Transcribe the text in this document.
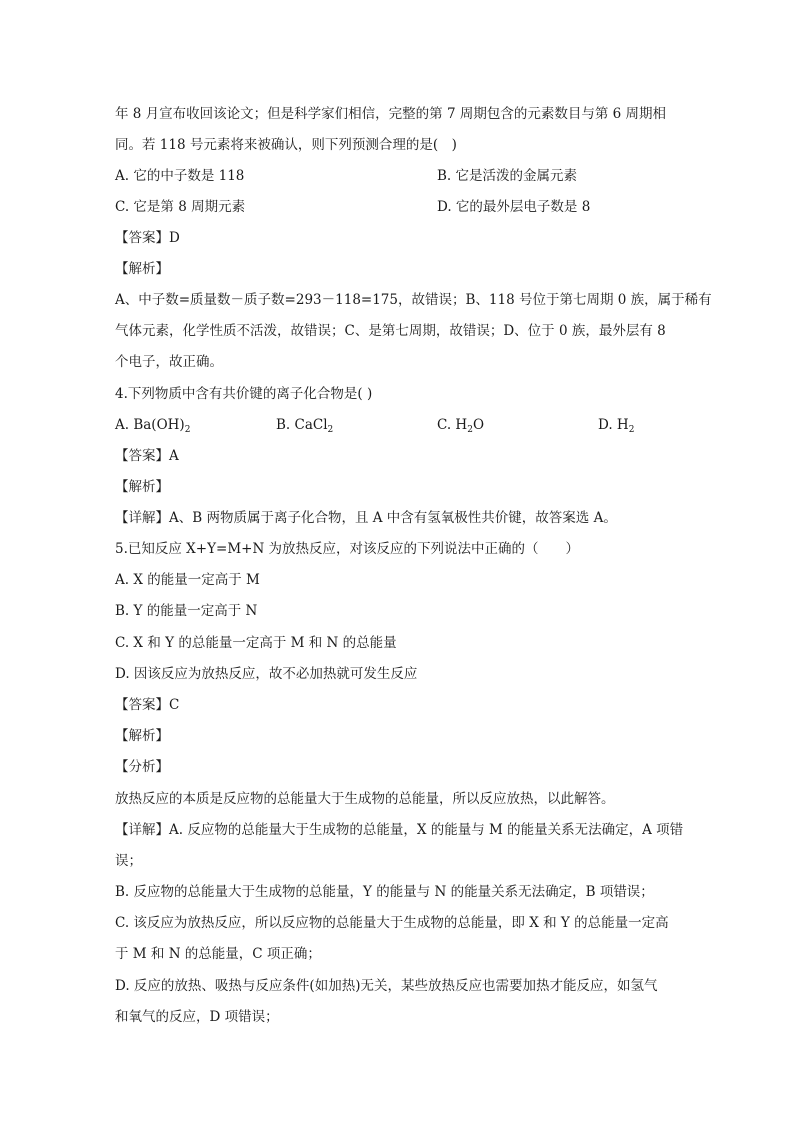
年 8 月宣布收回该论文；但是科学家们相信，完整的第 7 周期包含的元素数目与第 6 周期相
同。若 118 号元素将来被确认，则下列预测合理的是(　)
A. 它的中子数是 118	B. 它是活泼的金属元素
C. 它是第 8 周期元素	D. 它的最外层电子数是 8
【答案】D
【解析】
A、中子数=质量数－质子数=293－118=175，故错误；B、118 号位于第七周期 0 族，属于稀有
气体元素，化学性质不活泼，故错误；C、是第七周期，故错误；D、位于 0 族，最外层有 8
个电子，故正确。
4.下列物质中含有共价键的离子化合物是( )
A. $Ba(OH)_2$	B. CaCl$_2$	C. $H_2O$	D. $H_2$
【答案】A
【解析】
【详解】A、B 两物质属于离子化合物，且 A 中含有氢氧极性共价键，故答案选 A。
5.已知反应 X+Y=M+N 为放热反应，对该反应的下列说法中正确的（　　）
A. X 的能量一定高于 M
B. Y 的能量一定高于 N
C. X 和 Y 的总能量一定高于 M 和 N 的总能量
D. 因该反应为放热反应，故不必加热就可发生反应
【答案】C
【解析】
【分析】
放热反应的本质是反应物的总能量大于生成物的总能量，所以反应放热，以此解答。
【详解】A. 反应物的总能量大于生成物的总能量，X 的能量与 M 的能量关系无法确定，A 项错
误；
B. 反应物的总能量大于生成物的总能量，Y 的能量与 N 的能量关系无法确定，B 项错误；
C. 该反应为放热反应，所以反应物的总能量大于生成物的总能量，即 X 和 Y 的总能量一定高
于 M 和 N 的总能量，C 项正确；
D. 反应的放热、吸热与反应条件(如加热)无关，某些放热反应也需要加热才能反应，如氢气
和氧气的反应，D 项错误；
